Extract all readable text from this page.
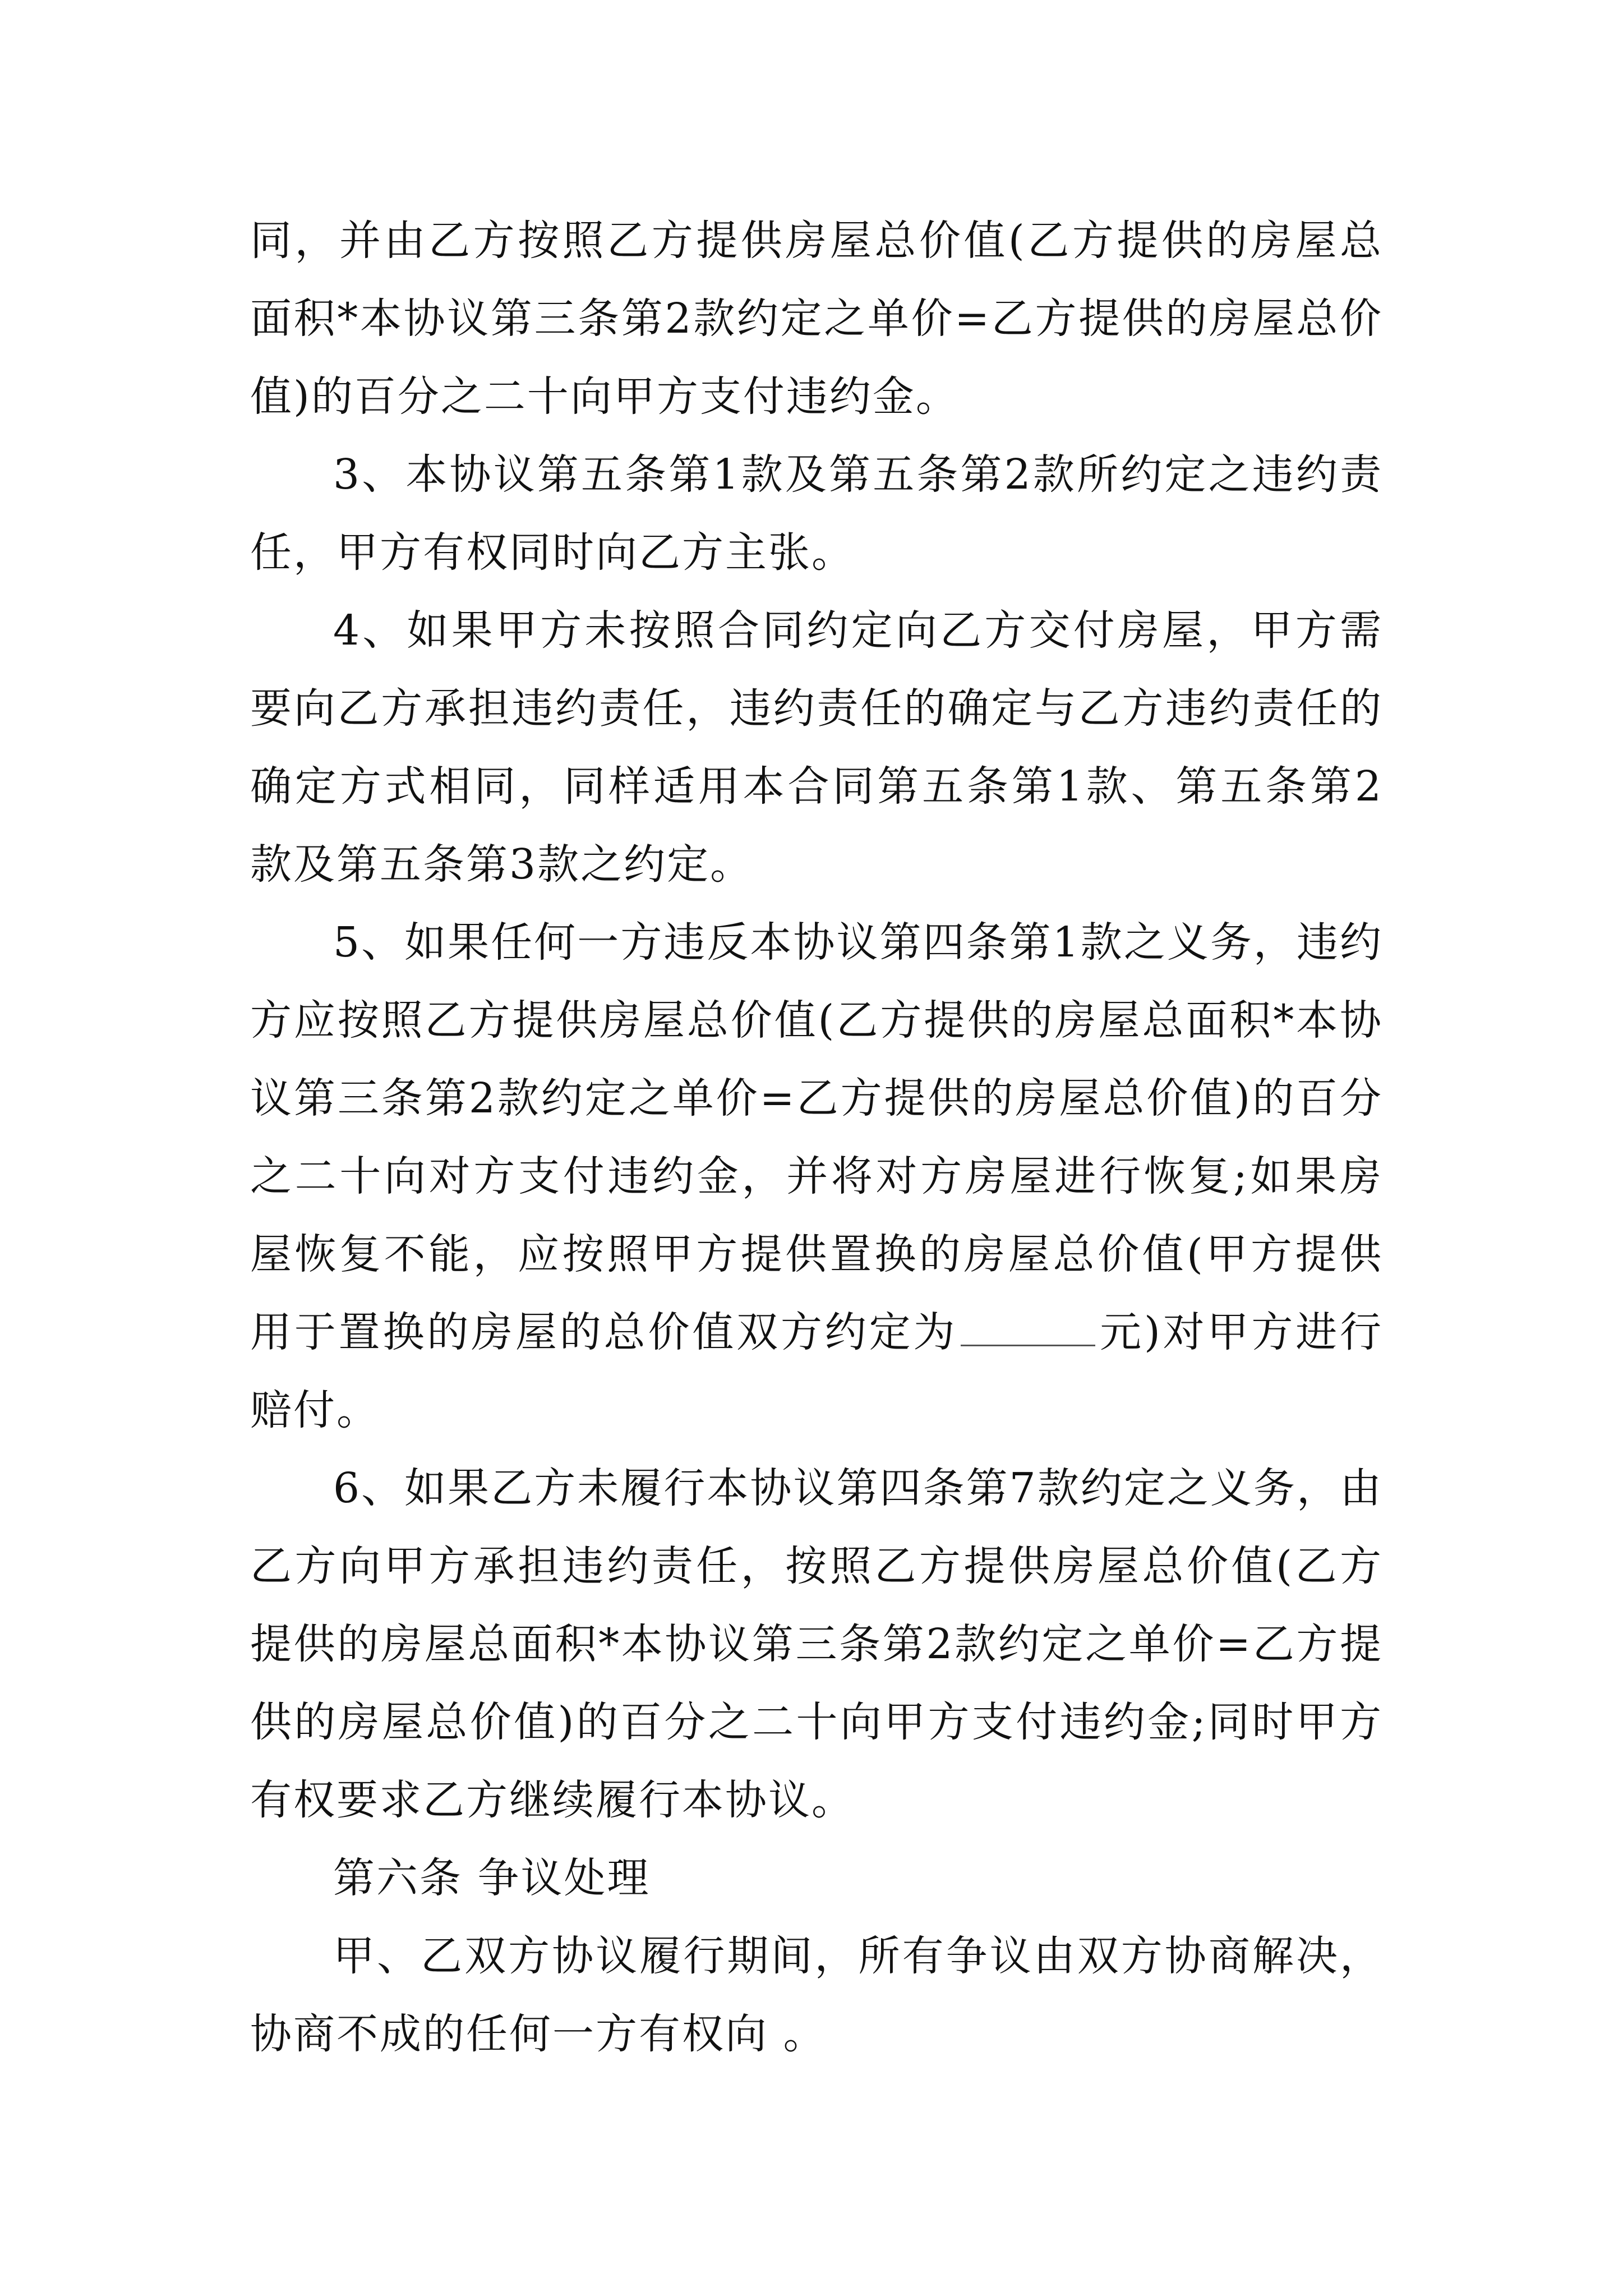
同，并由乙方按照乙方提供房屋总价值(乙方提供的房屋总面积*本协议第三条第2款约定之单价=乙方提供的房屋总价值)的百分之二十向甲方支付违约金。

3、本协议第五条第1款及第五条第2款所约定之违约责任，甲方有权同时向乙方主张。

4、如果甲方未按照合同约定向乙方交付房屋，甲方需要向乙方承担违约责任，违约责任的确定与乙方违约责任的确定方式相同，同样适用本合同第五条第1款、第五条第2款及第五条第3款之约定。

5、如果任何一方违反本协议第四条第1款之义务，违约方应按照乙方提供房屋总价值(乙方提供的房屋总面积*本协议第三条第2款约定之单价=乙方提供的房屋总价值)的百分之二十向对方支付违约金，并将对方房屋进行恢复;如果房屋恢复不能，应按照甲方提供置换的房屋总价值(甲方提供用于置换的房屋的总价值双方约定为	元)对甲方进行赔付。

6、如果乙方未履行本协议第四条第7款约定之义务，由乙方向甲方承担违约责任，按照乙方提供房屋总价值(乙方提供的房屋总面积*本协议第三条第2款约定之单价=乙方提供的房屋总价值)的百分之二十向甲方支付违约金;同时甲方有权要求乙方继续履行本协议。

第六条 争议处理

甲、乙双方协议履行期间，所有争议由双方协商解决，协商不成的任何一方有权向 。
